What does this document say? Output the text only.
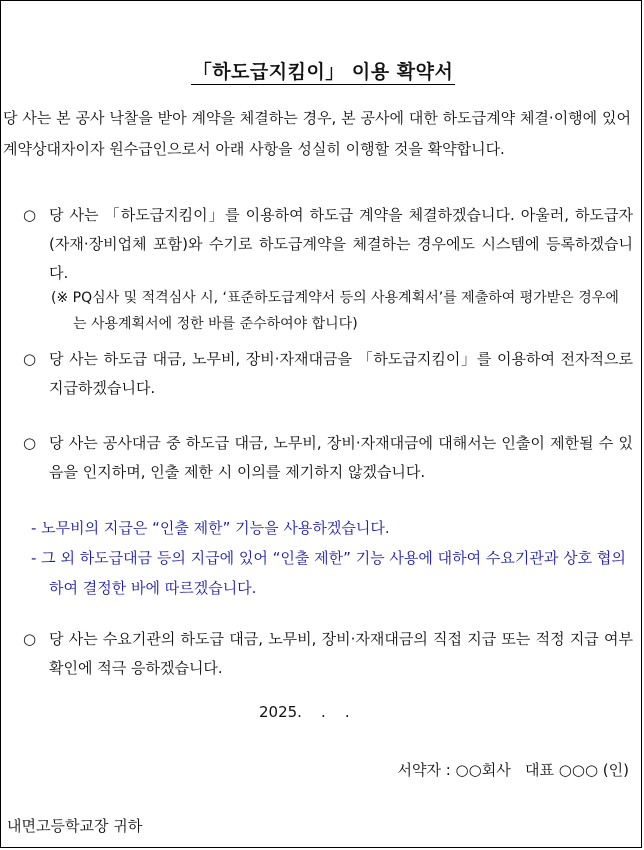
「하도급지킴이」 이용 확약서

당 사는 본 공사 낙찰을 받아 계약을 체결하는 경우, 본 공사에 대한 하도급계약 체결·이행에 있어 계약상대자이자 원수급인으로서 아래 사항을 성실히 이행할 것을 확약합니다.

○ 당 사는 「하도급지킴이」를 이용하여 하도급 계약을 체결하겠습니다. 아울러, 하도급자(자재·장비업체 포함)와 수기로 하도급계약을 체결하는 경우에도 시스템에 등록하겠습니다.
(※ PQ심사 및 적격심사 시, ‘표준하도급계약서 등의 사용계획서’를 제출하여 평가받은 경우에는 사용계획서에 정한 바를 준수하여야 합니다)
○ 당 사는 하도급 대금, 노무비, 장비·자재대금을 「하도급지킴이」를 이용하여 전자적으로 지급하겠습니다.
○ 당 사는 공사대금 중 하도급 대금, 노무비, 장비·자재대금에 대해서는 인출이 제한될 수 있음을 인지하며, 인출 제한 시 이의를 제기하지 않겠습니다.
- 노무비의 지급은 “인출 제한” 기능을 사용하겠습니다.
- 그 외 하도급대금 등의 지급에 있어 “인출 제한” 기능 사용에 대하여 수요기관과 상호 협의하여 결정한 바에 따르겠습니다.
○ 당 사는 수요기관의 하도급 대금, 노무비, 장비·자재대금의 직접 지급 또는 적정 지급 여부 확인에 적극 응하겠습니다.
2025.    .    .
서약자 : ○○회사   대표 ○○○ (인)
내면고등학교장 귀하
